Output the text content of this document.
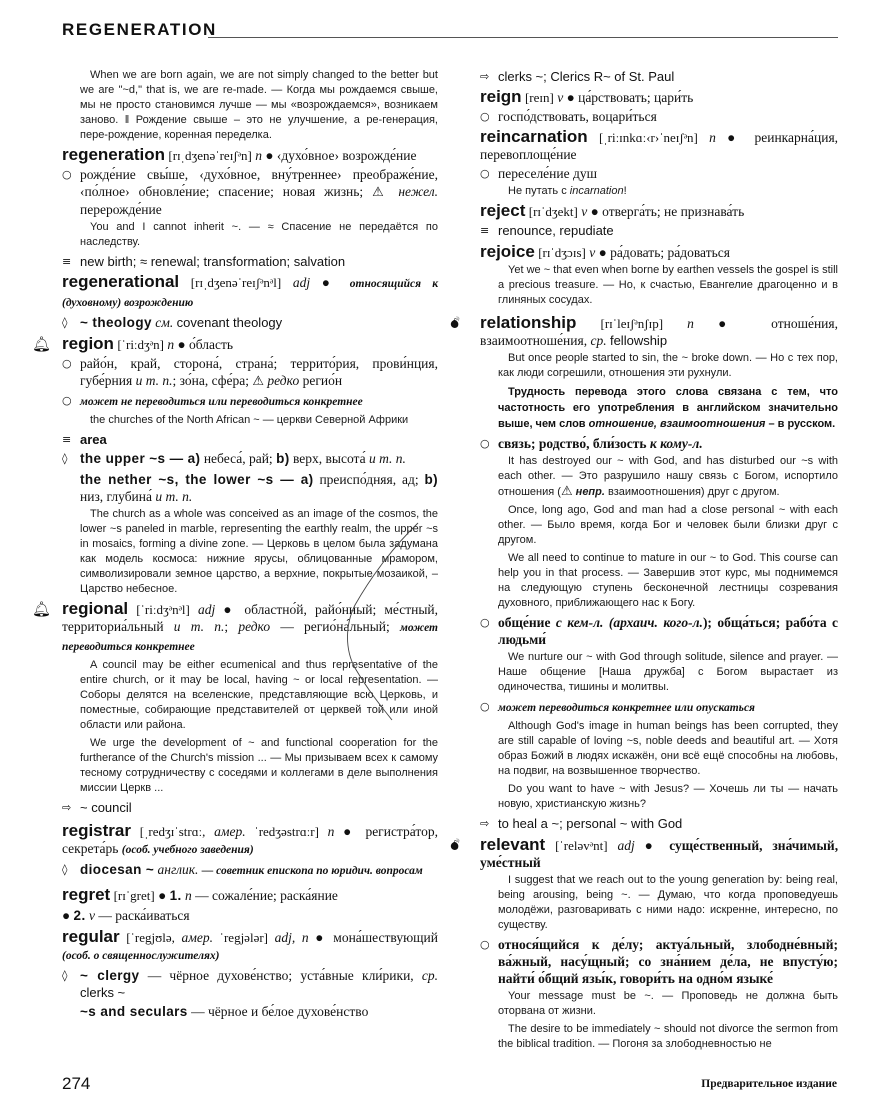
REGENERATION

When we are born again, we are not simply changed to the better but we are "~d," that is, we are re-made. — Когда мы рождаемся свыше, мы не просто становимся лучше — мы «возрождаемся», возникаем заново. ‖ Рождение свыше – это не улучшение, а ре-генерация, пере-рождение, коренная переделка.

regeneration [rɪˌdʒenəˈreɪʃᵊn] n ● ‹духо́вное› возрожде́ние
○ рожде́ние свы́ше, ‹духо́вное, вну́треннее› преображе́ние, ‹по́лное› обновле́ние; спасение; новая жизнь; ⚠ нежел. перерожде́ние

You and I cannot inherit ~. — ≈ Спасение не передаётся по наследству.

≡ new birth; ≈ renewal; transformation; salvation
regenerational [rɪˌdʒenəˈreɪʃᵊnᵊl] adj ● относящийся к (духовному) возрождению
◊ ~ theology см. covenant theology
🔔︎ region [ˈriːdʒᵊn] n ● о́бласть
○ райо́н, край, сторона́, страна́; террито́рия, прови́нция, губе́рния и т. п.; зо́на, сфе́ра; ⚠ редко регио́н
○ может не переводиться или переводиться конкретнее

the churches of the North African ~ — церкви Северной Африки

≡ area
◊ the upper ~s — a) небеса́, рай; b) верх, высота́ и т. п.
the nether ~s, the lower ~s — a) преиспо́дняя, ад; b) низ, глубина́ и т. п.

The church as a whole was conceived as an image of the cosmos, the lower ~s paneled in marble, representing the earthly realm, the upper ~s in mosaics, forming a divine zone. — Церковь в целом была задумана как модель космоса: нижние ярусы, облицованные мрамором, символизировали земное царство, а верхние, покрытые мозаикой, – Царство небесное.

🔔︎ regional [ˈriːdʒᵊnᵊl] adj ● областно́й, райо́нный; ме́стный, территориа́льный и т. п.; редко — регио́на́льный; может переводиться конкретнее

A council may be either ecumenical and thus representative of the entire church, or it may be local, having ~ or local representation. — Соборы делятся на вселенские, представляющие всю Церковь, и поместные, собирающие представителей от церквей той или иной области или района.

We urge the development of ~ and functional cooperation for the furtherance of the Church's mission ... — Мы призываем всех к самому тесному сотрудничеству с соседями и коллегами в деле выполнения миссии Церкв ...

⇨ ~ council
registrar [ˌredʒɪˈstrɑː, амер. ˈredʒəstrɑːr] n ● регистра́тор, секрета́рь (особ. учебного заведения)
◊ diocesan ~ англик. — советник епископа по юридич. вопросам
regret [rɪˈgret] ● 1. n — сожале́ние; раска́яние
● 2. v — раска́иваться
regular [ˈregjʊlə, амер. ˈregjələr] adj, n ● мона́шествующий (особ. о священнослужителях)
◊ ~ clergy — чёрное духове́нство; уста́вные кли́рики, ср. clerks ~
~s and seculars — чёрное и бе́лое духове́нство
⇨ clerks ~; Clerics R~ of St. Paul
reign [reɪn] v ● ца́рствовать; цари́ть
○ госпо́дствовать, воцари́ться
reincarnation [ˌriːɪnkɑː‹r›ˈneɪʃᵊn] n ● реинкарна́ция, перевоплоще́ние
○ переселе́ние душ

Не путать с incarnation!

reject [rɪˈdʒekt] v ● отверга́ть; не признава́ть
≡ renounce, repudiate
rejoice [rɪˈdʒɔɪs] v ● ра́довать; ра́доваться

Yet we ~ that even when borne by earthen vessels the gospel is still a precious treasure. — Но, к счастью, Евангелие драгоценно и в глиняных сосудах.

💣︎ relationship [rɪˈleɪʃᵊnʃɪp] n ● отноше́ния, взаимоотноше́ния, ср. fellowship

But once people started to sin, the ~ broke down. — Но с тех пор, как люди согрешили, отношения эти рухнули.

Трудность перевода этого слова связана с тем, что частотность его употребления в английском значительно выше, чем слов отношение, взаимоотношения – в русском.

○ связь; родство́, бли́зость к кому-л.

It has destroyed our ~ with God, and has disturbed our ~s with each other. — Это разрушило нашу связь с Богом, испортило отношения (⚠ непр. взаимоотношения) друг с другом.

Once, long ago, God and man had a close personal ~ with each other. — Было время, когда Бог и человек были близки друг с другом.

We all need to continue to mature in our ~ to God. This course can help you in that process. — Завершив этот курс, мы поднимемся на следующую ступень бесконечной лестницы созревания духовного, приближающего нас к Богу.

○ обще́ние с кем-л. (архаич. кого-л.); обща́ться; рабо́та с людьми́

We nurture our ~ with God through solitude, silence and prayer. — Наше общение [Наша дружба] с Богом вырастает из одиночества, тишины и молитвы.

○ может переводиться конкретнее или опускаться

Although God's image in human beings has been corrupted, they are still capable of loving ~s, noble deeds and beautiful art. — Хотя образ Божий в людях искажён, они всё ещё способны на любовь, на подвиг, на возвышенное творчество.

Do you want to have ~ with Jesus? — Хочешь ли ты — начать новую, христианскую жизнь?

⇨ to heal a ~; personal ~ with God
💣︎ relevant [ˈreləvᵊnt] adj ● суще́ственный, зна́чимый, уме́стный

I suggest that we reach out to the young generation by: being real, being arousing, being ~. — Думаю, что когда проповедуешь молодёжи, разговаривать с ними надо: искренне, интересно, по существу.

○ относя́щийся к де́лу; актуа́льный, злободне́вный; ва́жный, насу́щный; со зна́нием де́ла, не впусту́ю; найти́ о́бщий язы́к, говори́ть на одно́м языке́

Your message must be ~. — Проповедь не должна быть оторвана от жизни.

The desire to be immediately ~ should not divorce the sermon from the biblical tradition. — Погоня за злободневностью не

274	Предварительное издание
